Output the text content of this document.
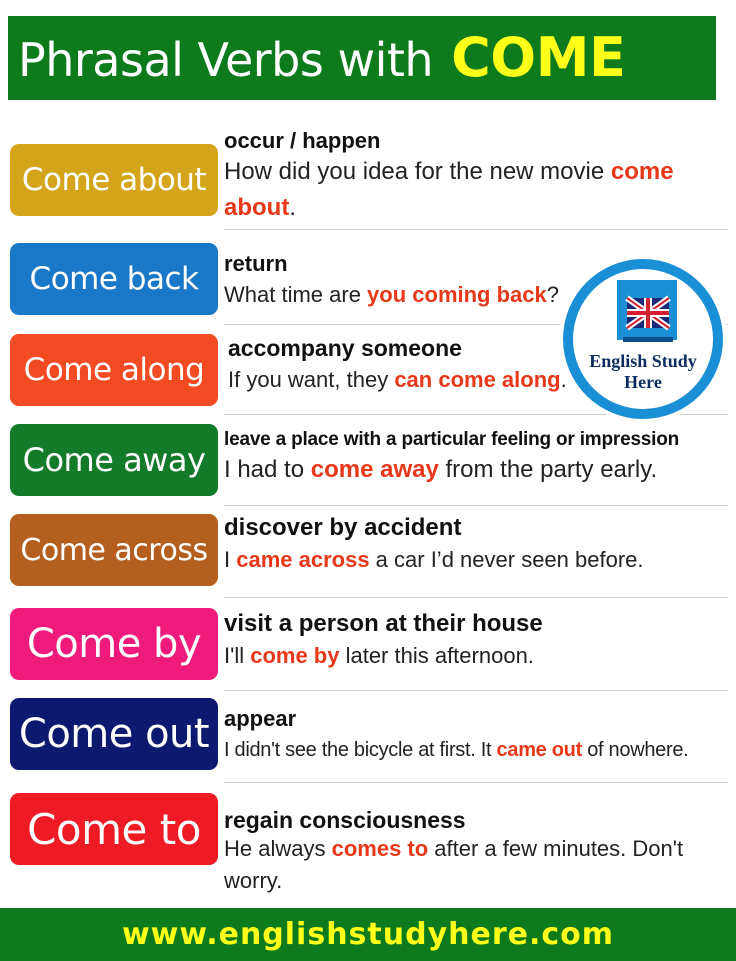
Phrasal Verbs with COME
Come about
occur / happen
How did you idea for the new movie come about.
Come back	return
What time are you coming back?
Come along
accompany someone
If you want, they can come along.
Come away
leave a place with a particular feeling or impression
I had to come away from the party early.
Come across
discover by accident
I came across a car I’d never seen before.
Come by visit a person at their house
I'll come by later this afternoon.
Come out appear
I didn't see the bicycle at first. It came out of nowhere.
Come to	regain consciousness
He always comes to after a few minutes. Don't worry.
English Study
Here
www.englishstudyhere.com
